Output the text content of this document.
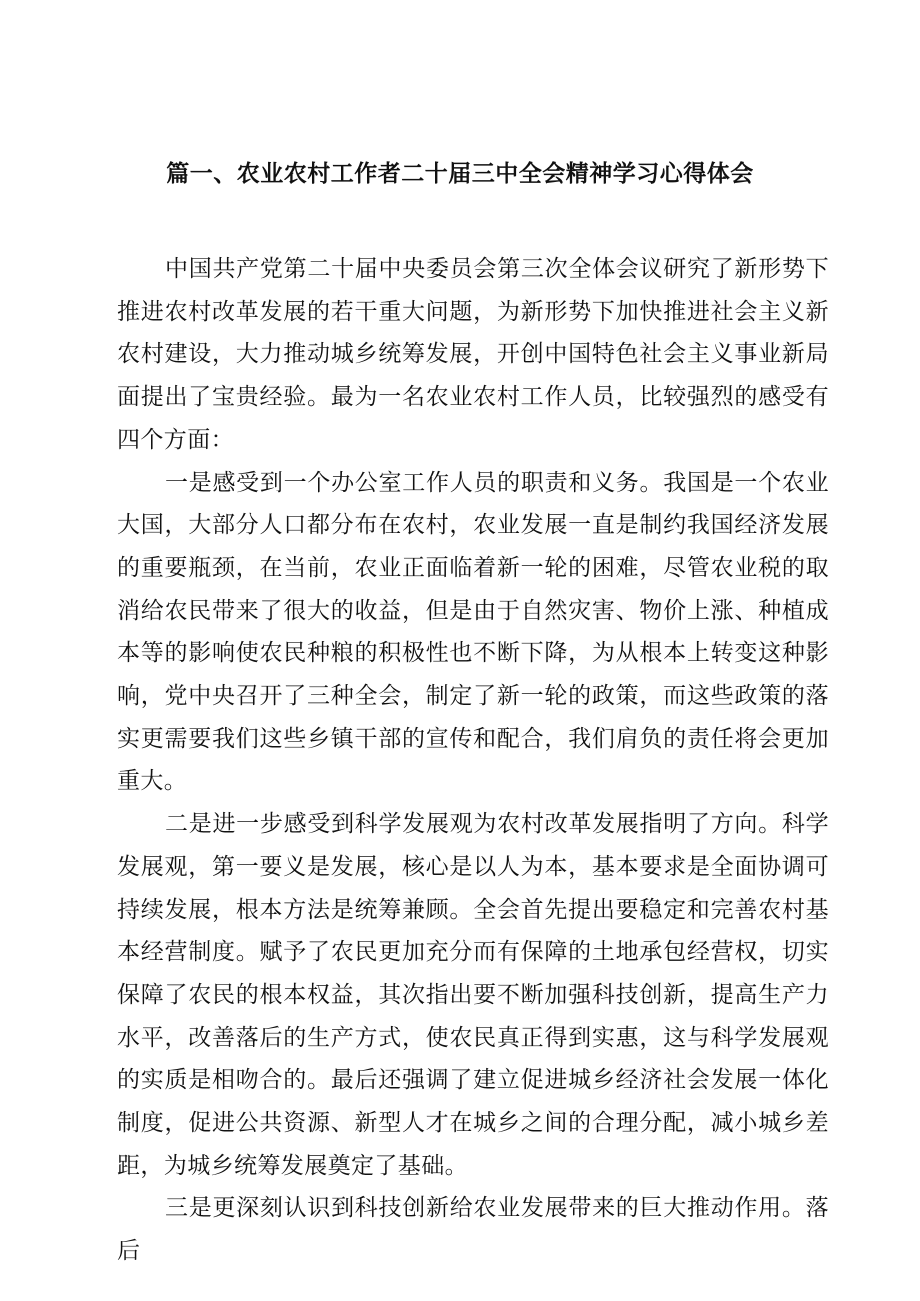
篇一、农业农村工作者二十届三中全会精神学习心得体会

中国共产党第二十届中央委员会第三次全体会议研究了新形势下推进农村改革发展的若干重大问题，为新形势下加快推进社会主义新农村建设，大力推动城乡统筹发展，开创中国特色社会主义事业新局面提出了宝贵经验。最为一名农业农村工作人员，比较强烈的感受有四个方面：

一是感受到一个办公室工作人员的职责和义务。我国是一个农业大国，大部分人口都分布在农村，农业发展一直是制约我国经济发展的重要瓶颈，在当前，农业正面临着新一轮的困难，尽管农业税的取消给农民带来了很大的收益，但是由于自然灾害、物价上涨、种植成本等的影响使农民种粮的积极性也不断下降，为从根本上转变这种影响，党中央召开了三种全会，制定了新一轮的政策，而这些政策的落实更需要我们这些乡镇干部的宣传和配合，我们肩负的责任将会更加重大。

二是进一步感受到科学发展观为农村改革发展指明了方向。科学发展观，第一要义是发展，核心是以人为本，基本要求是全面协调可持续发展，根本方法是统筹兼顾。全会首先提出要稳定和完善农村基本经营制度。赋予了农民更加充分而有保障的土地承包经营权，切实保障了农民的根本权益，其次指出要不断加强科技创新，提高生产力水平，改善落后的生产方式，使农民真正得到实惠，这与科学发展观的实质是相吻合的。最后还强调了建立促进城乡经济社会发展一体化制度，促进公共资源、新型人才在城乡之间的合理分配，减小城乡差距，为城乡统筹发展奠定了基础。

三是更深刻认识到科技创新给农业发展带来的巨大推动作用。落后
